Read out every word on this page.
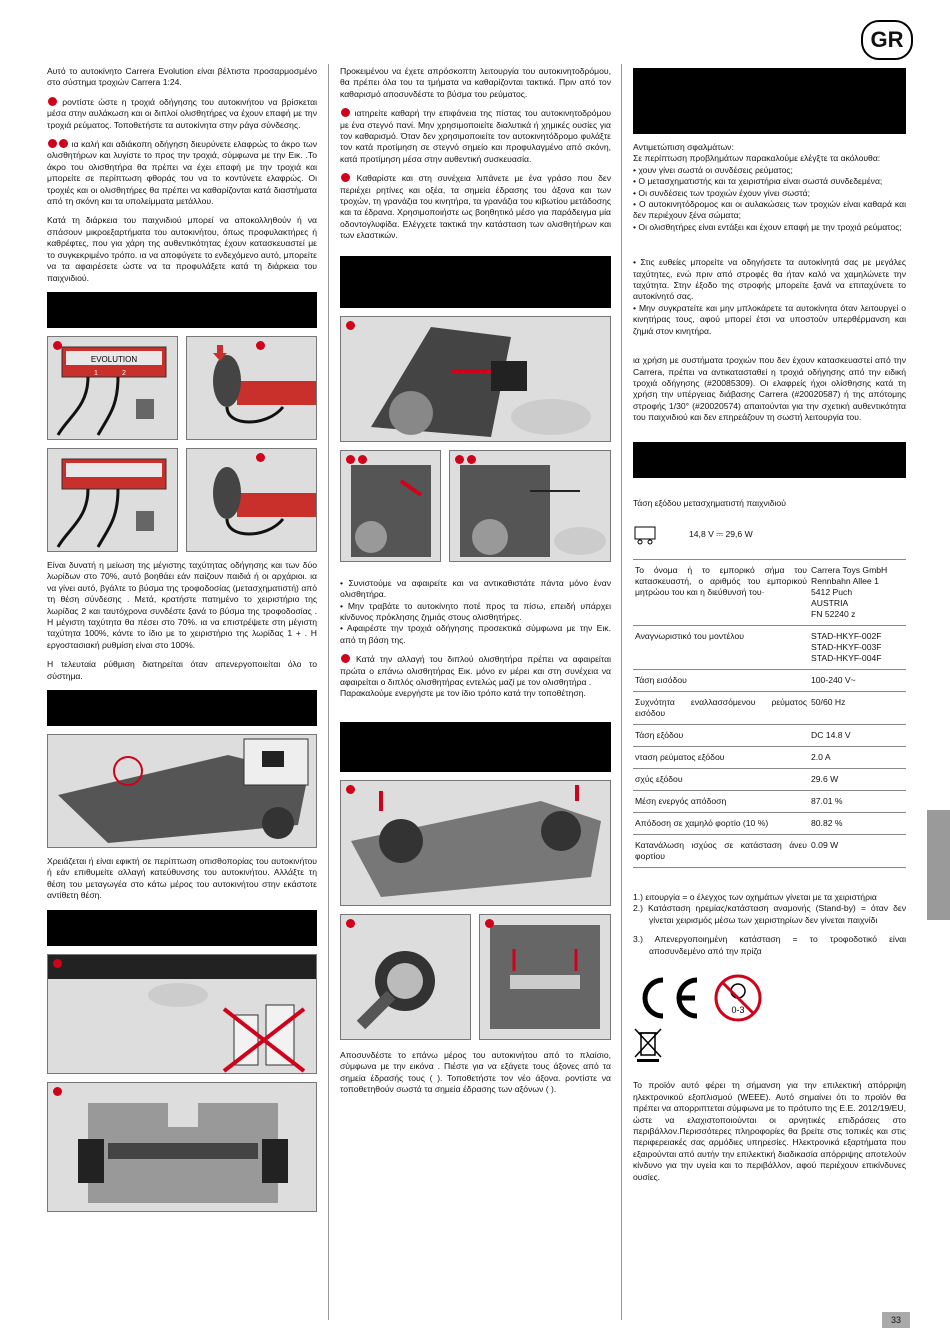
GR
33

Αυτό το αυτοκίνητο Carrera Evolution είναι βέλτιστα προσαρμοσμένο στο σύστημα τροχιών Carrera 1:24.

ροντίστε ώστε η τροχιά οδήγησης του αυτοκινήτου να βρίσκεται μέσα στην αυλάκωση και οι διπλοί ολισθητήρες να έχουν επαφή με την τροχιά ρεύματος. Τοποθετήστε τα αυτοκίνητα στην ράγα σύνδεσης.

ια καλή και αδιάκοπη οδήγηση διευρύνετε ελαφρώς το άκρο των ολισθητήρων και λυγίστε το προς την τροχιά, σύμφωνα με την Εικ. .Το άκρο του ολισθητήρα θα πρέπει να έχει επαφή με την τροχιά και μπορείτε σε περίπτωση φθοράς του να το κοντύνετε ελαφρώς. Οι τροχιές και οι ολισθητήρες θα πρέπει να καθαρίζονται κατά διαστήματα από τη σκόνη και τα υπολείμματα μετάλλου.

Κατά τη διάρκεια του παιχνιδιού μπορεί να αποκολληθούν ή να σπάσουν μικροεξαρτήματα του αυτοκινήτου, όπως προφυλακτήρες ή καθρέφτες, που για χάρη της αυθεντικότητας έχουν κατασκευαστεί με το συγκεκριμένο τρόπο. ια να αποφύγετε το ενδεχόμενο αυτό, μπορείτε να τα αφαιρέσετε ώστε να τα προφυλάξετε κατά τη διάρκεια του παιχνιδιού.

EVOLUTION
1	2

Είναι δυνατή η μείωση της μέγιστης ταχύτητας οδήγησης και των δύο λωρίδων στο 70%, αυτό βοηθάει εάν παίζουν παιδιά ή οι αρχάριοι. ια να γίνει αυτό, βγάλτε το βύσμα της τροφοδοσίας (μετασχηματιστή) από τη θέση σύνδεσης . Μετά, κρατήστε πατημένο το χειριστήριο της λωρίδας 2 και ταυτόχρονα συνδέστε ξανά το βύσμα της τροφοδοσίας . Η μέγιστη ταχύτητα θα πέσει στο 70%. ια να επιστρέψετε στη μέγιστη ταχύτητα 100%, κάντε το ίδιο με το χειριστήριο της λωρίδας 1 + . Η εργοστασιακή ρυθμίση είναι στο 100%.

Η τελευταία ρύθμιση διατηρείται όταν απενεργοποιείται όλο το σύστημα.

Χρειάζεται ή είναι εφικτή σε περίπτωση οπισθοπορίας του αυτοκινήτου ή εάν επιθυμείτε αλλαγή κατεύθυνσης του αυτοκινήτου. Αλλάξτε τη θέση του μεταγωγέα στο κάτω μέρος του αυτοκινήτου στην εκάστοτε αντίθετη θέση.

Προκειμένου να έχετε απρόσκοπτη λειτουργία του αυτοκινητοδρόμου, θα πρέπει όλα του τα τμήματα να καθαρίζονται τακτικά. Πριν από τον καθαρισμό αποσυνδέστε το βύσμα του ρεύματος.

ιατηρείτε καθαρή την επιφάνεια της πίστας του αυτοκινητοδρόμου με ένα στεγνό πανί. Μην χρησιμοποιείτε διαλυτικά ή χημικές ουσίες για τον καθαρισμό. Όταν δεν χρησιμοποιείτε τον αυτοκινητόδρομο φυλάξτε τον κατά προτίμηση σε στεγνό σημείο και προφυλαγμένο από σκόνη, κατά προτίμηση μέσα στην αυθεντική συσκευασία.

Καθαρίστε και στη συνέχεια λιπάνετε με ένα γράσο που δεν περιέχει ρητίνες και οξέα, τα σημεία έδρασης του άξονα και των τροχών, τη γρανάζια του κινητήρα, τα γρανάζια του κιβωτίου μετάδοσης και τα έδρανα. Χρησιμοποιήστε ως βοηθητικό μέσο για παράδειγμα μία οδοντογλυφίδα. Ελέγχετε τακτικά την κατάσταση των ολισθητήρων και των ελαστικών.

• Συνιστούμε να αφαιρείτε και να αντικαθιστάτε πάντα μόνο έναν ολισθητήρα.

• Μην τραβάτε το αυτοκίνητο ποτέ προς τα πίσω, επειδή υπάρχει κίνδυνος πρόκλησης ζημιάς στους ολισθητήρες.

• Αφαιρέστε την τροχιά οδήγησης προσεκτικά σύμφωνα με την Εικ. από τη βάση της.

Κατά την αλλαγή του διπλού ολισθητήρα πρέπει να αφαιρείται πρώτα ο επάνω ολισθητήρας Εικ. μόνο εν μέρει και στη συνέχεια να αφαιρείται ο διπλός ολισθητήρας εντελώς μαζί με τον ολισθητήρα .

Παρακαλούμε ενεργήστε με τον ίδιο τρόπο κατά την τοποθέτηση.

Αποσυνδέστε το επάνω μέρος του αυτοκινήτου από το πλαίσιο, σύμφωνα με την εικόνα . Πιέστε για να εξάγετε τους άξονες από τα σημεία έδρασής τους ( ). Τοποθετήστε τον νέο άξονα. ροντίστε να τοποθετηθούν σωστά τα σημεία έδρασης των αξόνων ( ).

Αντιμετώπιση σφαλμάτων:
Σε περίπτωση προβλημάτων παρακαλούμε ελέγξτε τα ακόλουθα:
• χουν γίνει σωστά οι συνδέσεις ρεύματος;
• Ο μετασχηματιστής και τα χειριστήρια είναι σωστά συνδεδεμένα;
• Οι συνδέσεις των τροχιών έχουν γίνει σωστά;
• Ο αυτοκινητόδρομος και οι αυλακώσεις των τροχιών είναι καθαρά και δεν περιέχουν ξένα σώματα;
• Οι ολισθητήρες είναι εντάξει και έχουν επαφή με την τροχιά ρεύματος;

• Στις ευθείες μπορείτε να οδηγήσετε τα αυτοκίνητά σας με μεγάλες ταχύτητες, ενώ πριν από στροφές θα ήταν καλό να χαμηλώνετε την ταχύτητα. Στην έξοδο της στροφής μπορείτε ξανά να επιταχύνετε το αυτοκίνητό σας.

• Μην συγκρατείτε και μην μπλοκάρετε τα αυτοκίνητα όταν λειτουργεί ο κινητήρας τους, αφού μπορεί έτσι να υποστούν υπερθέρμανση και ζημιά στον κινητήρα.

ια χρήση με συστήματα τροχιών που δεν έχουν κατασκευαστεί από την Carrera, πρέπει να αντικατασταθεί η τροχιά οδήγησης από την ειδική τροχιά οδήγησης (#20085309). Οι ελαφρείς ήχοι ολίσθησης κατά τη χρήση την υπέργειας διάβασης Carrera (#20020587) ή της απότομης στροφής 1/30° (#20020574) απαιτούνται για την σχετική αυθεντικότητα του παιχνιδιού και δεν επηρεάζουν τη σωστή λειτουργία του.

Τάση εξόδου μετασχηματιστή παιχνιδιού
14,8 V ⎓ 29,6 W
Το όνομα ή το εμπορικό σήμα του κατασκευαστή, ο αριθμός του εμπορικού μητρώου του και η διεύθυνσή του·	Carrera Toys GmbH
Rennbahn Allee 1
5412 Puch
AUSTRIA
FN 52240 z
Αναγνωριστικό του μοντέλου	STAD-HKYF-002F
STAD-HKYF-003F
STAD-HKYF-004F
Τάση εισόδου	100-240 V~
Συχνότητα εναλλασσόμενου ρεύματος εισόδου	50/60 Hz
Τάση εξόδου	DC 14.8 V
νταση ρεύματος εξόδου	2.0 A
σχύς εξόδου	29.6 W
Μέση ενεργός απόδοση	87.01 %
Απόδοση σε χαμηλό φορτίο (10 %)	80.82 %
Κατανάλωση ισχύος σε κατάσταση άνευ φορτίου	0.09 W
1.) ειτουργία = ο έλεγχος των οχημάτων γίνεται με τα χειριστήρια
2.) Κατάσταση ηρεμίας/κατάσταση αναμονής (Stand-by) = όταν δεν γίνεται χειρισμός μέσω των χειριστηρίων δεν γίνεται παιχνίδι
3.) Απενεργοποιημένη κατάσταση = το τροφοδοτικό είναι αποσυνδεμένο από την πρίζα
0-3

Το προϊόν αυτό φέρει τη σήμανση για την επιλεκτική απόρριψη ηλεκτρονικού εξοπλισμού (WEEE). Αυτό σημαίνει ότι το προϊόν θα πρέπει να απορριπτεται σύμφωνα με το πρότυπο της Ε.Ε. 2012/19/EU, ώστε να ελαχιστοποιούνται οι αρνητικές επιδράσεις στο περιβάλλον.Περισσότερες πληροφορίες θα βρείτε στις τοπικές και στις περιφερειακές σας αρμόδιες υπηρεσίες. Ηλεκτρονικά εξαρτήματα που εξαιρούνται από αυτήν την επιλεκτική διαδικασία απόρριψης αποτελούν κίνδυνο για την υγεία και το περιβάλλον, αφού περιέχουν επικίνδυνες ουσίες.
